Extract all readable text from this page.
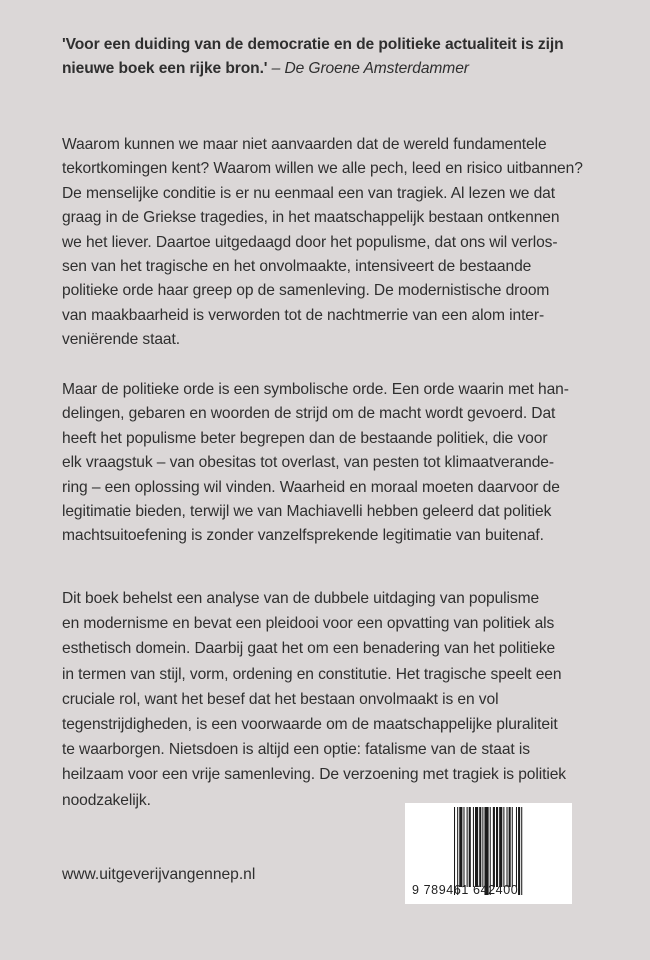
'Voor een duiding van de democratie en de politieke actualiteit is zijn
nieuwe boek een rijke bron.' – De Groene Amsterdammer
Waarom kunnen we maar niet aanvaarden dat de wereld fundamentele
tekortkomingen kent? Waarom willen we alle pech, leed en risico uitbannen?
De menselijke conditie is er nu eenmaal een van tragiek. Al lezen we dat
graag in de Griekse tragedies, in het maatschappelijk bestaan ontkennen
we het liever. Daartoe uitgedaagd door het populisme, dat ons wil verlos-
sen van het tragische en het onvolmaakte, intensiveert de bestaande
politieke orde haar greep op de samenleving. De modernistische droom
van maakbaarheid is verworden tot de nachtmerrie van een alom inter-
veniërende staat.
Maar de politieke orde is een symbolische orde. Een orde waarin met han-
delingen, gebaren en woorden de strijd om de macht wordt gevoerd. Dat
heeft het populisme beter begrepen dan de bestaande politiek, die voor
elk vraagstuk – van obesitas tot overlast, van pesten tot klimaatverande-
ring – een oplossing wil vinden. Waarheid en moraal moeten daarvoor de
legitimatie bieden, terwijl we van Machiavelli hebben geleerd dat politiek
machtsuitoefening is zonder vanzelfsprekende legitimatie van buitenaf.
Dit boek behelst een analyse van de dubbele uitdaging van populisme
en modernisme en bevat een pleidooi voor een opvatting van politiek als
esthetisch domein. Daarbij gaat het om een benadering van het politieke
in termen van stijl, vorm, ordening en constitutie. Het tragische speelt een
cruciale rol, want het besef dat het bestaan onvolmaakt is en vol
tegenstrijdigheden, is een voorwaarde om de maatschappelijke pluraliteit
te waarborgen. Nietsdoen is altijd een optie: fatalisme van de staat is
heilzaam voor een vrije samenleving. De verzoening met tragiek is politiek
noodzakelijk.
www.uitgeverijvangennep.nl
9 789461 642400
